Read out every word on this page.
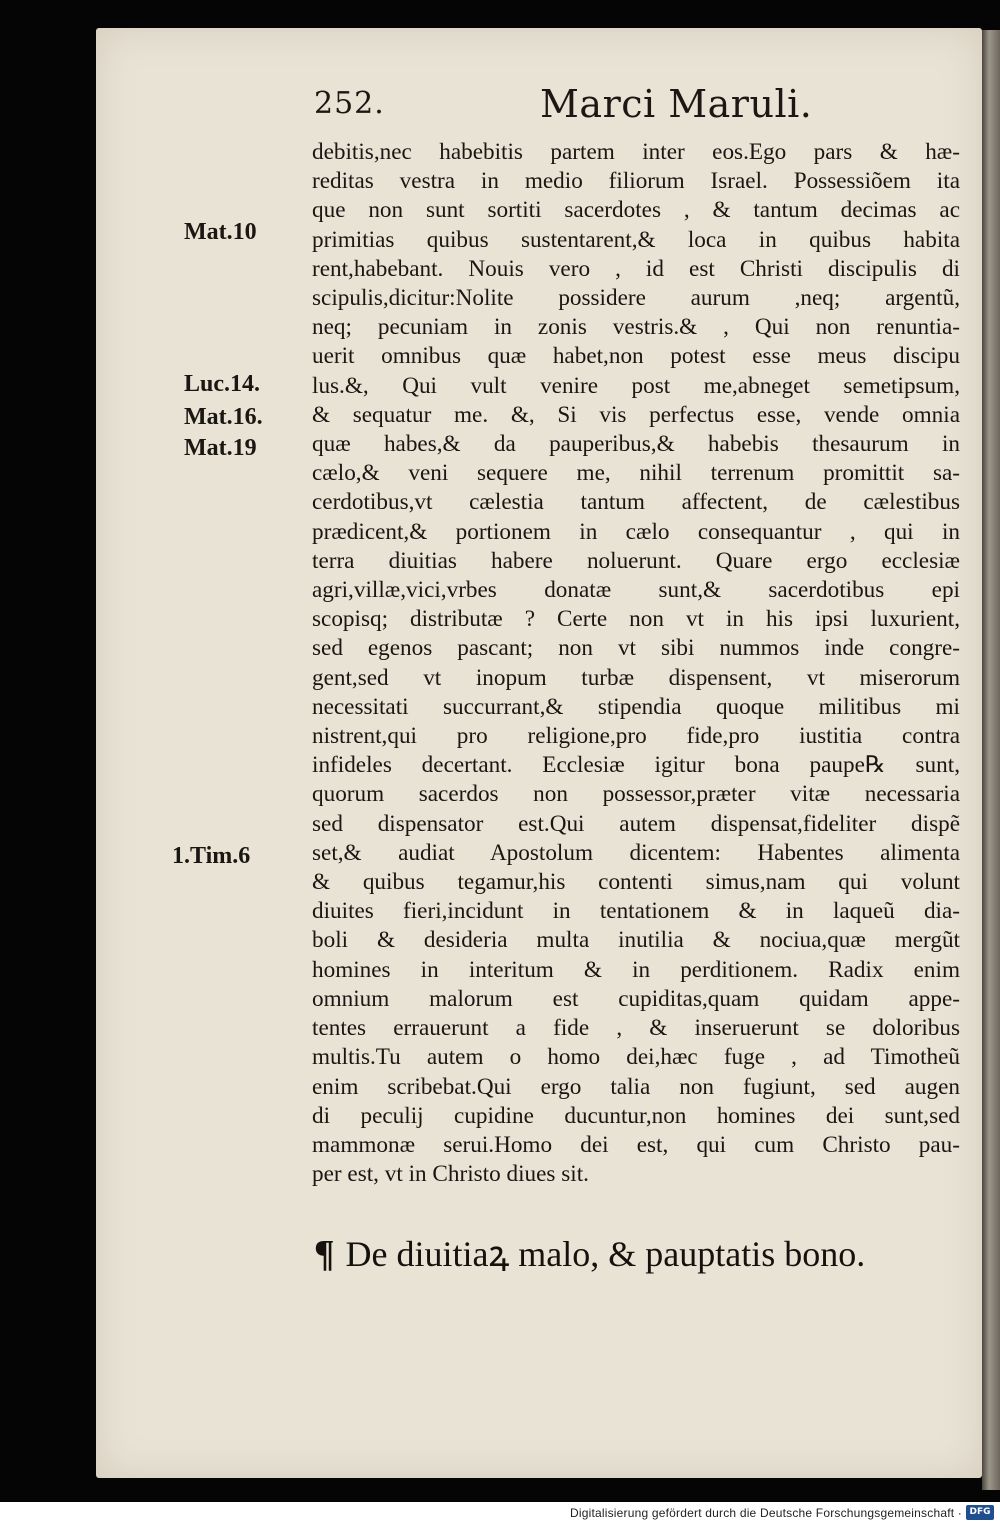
252.	Marci Maruli.
Mat.10
Luc.14.
Mat.16.
Mat.19
1.Tim.6
debitis,nec habebitis partem inter eos.Ego pars & hæ-
reditas vestra in medio filiorum Israel. Possessiõem ita
que non sunt sortiti sacerdotes , & tantum decimas ac
primitias quibus sustentarent,& loca in quibus habita
rent,habebant. Nouis vero , id est Christi discipulis di
scipulis,dicitur:Nolite possidere aurum ,neq; argentũ,
neq; pecuniam in zonis vestris.& , Qui non renuntia-
uerit omnibus quæ habet,non potest esse meus discipu
lus.&, Qui vult venire post me,abneget semetipsum,
& sequatur me. &, Si vis perfectus esse, vende omnia
quæ habes,& da pauperibus,& habebis thesaurum in
cælo,& veni sequere me, nihil terrenum promittit sa-
cerdotibus,vt cælestia tantum affectent, de cælestibus
prædicent,& portionem in cælo consequantur , qui in
terra diuitias habere noluerunt. Quare ergo ecclesiæ
agri,villæ,vici,vrbes donatæ sunt,& sacerdotibus epi
scopisq; distributæ ? Certe non vt in his ipsi luxurient,
sed egenos pascant; non vt sibi nummos inde congre-
gent,sed vt inopum turbæ dispensent, vt miserorum
necessitati succurrant,& stipendia quoque militibus mi
nistrent,qui pro religione,pro fide,pro iustitia contra
infideles decertant. Ecclesiæ igitur bona paupe℞ sunt,
quorum sacerdos non possessor,præter vitæ necessaria
sed dispensator est.Qui autem dispensat,fideliter dispẽ
set,& audiat Apostolum dicentem: Habentes alimenta
& quibus tegamur,his contenti simus,nam qui volunt
diuites fieri,incidunt in tentationem & in laqueũ dia-
boli & desideria multa inutilia & nociua,quæ mergũt
homines in interitum & in perditionem. Radix enim
omnium malorum est cupiditas,quam quidam appe-
tentes errauerunt a fide , & inseruerunt se doloribus
multis.Tu autem o homo dei,hæc fuge , ad Timotheũ
enim scribebat.Qui ergo talia non fugiunt, sed augen
di peculij cupidine ducuntur,non homines dei sunt,sed
mammonæ serui.Homo dei est, qui cum Christo pau-
per est, vt in Christo diues sit.
¶ De diuitiaꝝ malo, & pauptatis bono.
Digitalisierung gefördert durch die Deutsche Forschungsgemeinschaft · DFG
